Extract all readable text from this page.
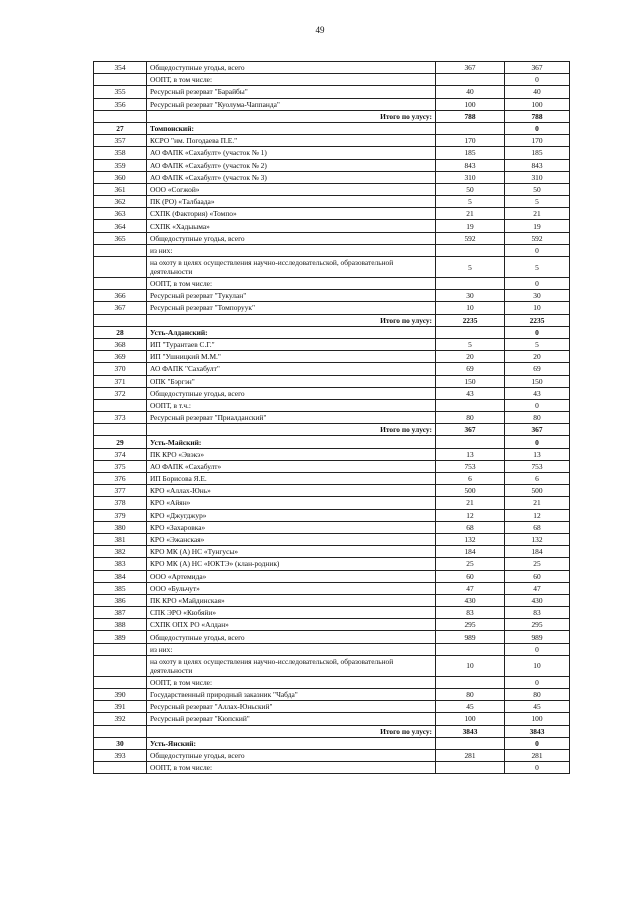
49
354	Общедоступные угодья, всего	367	367
	ООПТ, в том числе:		0
355	Ресурсный резерват "Барайбы"	40	40
356	Ресурсный резерват "Куолума-Чаппанда"	100	100
	Итого по улусу:	788	788
27	Томпонский:		0
357	КСРО "им. Погодаева П.Е."	170	170
358	АО ФАПК «Сахабулт» (участок № 1)	185	185
359	АО ФАПК «Сахабулт» (участок № 2)	843	843
360	АО ФАПК «Сахабулт» (участок № 3)	310	310
361	ООО «Согжой»	50	50
362	ПК (РО) «Талбаада»	5	5
363	СХПК (Фактория) «Томпо»	21	21
364	СХПК «Хадыыма»	19	19
365	Общедоступные угодья, всего	592	592
	из них:		0
	на охоту в целях осуществления научно-исследовательской, образовательной деятельности	5	5
	ООПТ, в том числе:		0
366	Ресурсный резерват "Тукулан"	30	30
367	Ресурсный резерват "Томпоруук"	10	10
	Итого по улусу:	2235	2235
28	Усть-Алданский:		0
368	ИП "Турантаев С.Г."	5	5
369	ИП "Ушницкий М.М."	20	20
370	АО ФАПК "Сахабулт"	69	69
371	ОПК "Бэргэн"	150	150
372	Общедоступные угодья, всего	43	43
	ООПТ, в т.ч.:		0
373	Ресурсный резерват "Приалданский"	80	80
	Итого по улусу:	367	367
29	Усть-Майский:		0
374	ПК КРО «Эвэкэ»	13	13
375	АО ФАПК «Сахабулт»	753	753
376	ИП Борисова Я.Е.	6	6
377	КРО «Аллах-Юнь»	500	500
378	КРО «Айян»	21	21
379	КРО «Джугджур»	12	12
380	КРО «Захаровка»	68	68
381	КРО «Эжанская»	132	132
382	КРО МК (А) НС «Тунгусы»	184	184
383	КРО МК (А) НС «ЮКТЭ» (клан-родник)	25	25
384	ООО «Артемида»	60	60
385	ООО «Бульчут»	47	47
386	ПК КРО «Майдинская»	430	430
387	СПК ЭРО «Кюбяйи»	83	83
388	СХПК ОПХ РО «Алдан»	295	295
389	Общедоступные угодья, всего	989	989
	из них:		0
	на охоту в целях осуществления научно-исследовательской, образовательной деятельности	10	10
	ООПТ, в том числе:		0
390	Государственный природный заказник "Чабда"	80	80
391	Ресурсный резерват "Аллах-Юньский"	45	45
392	Ресурсный резерват "Кюпский"	100	100
	Итого по улусу:	3843	3843
30	Усть-Янский:		0
393	Общедоступные угодья, всего	281	281
	ООПТ, в том числе:		0
